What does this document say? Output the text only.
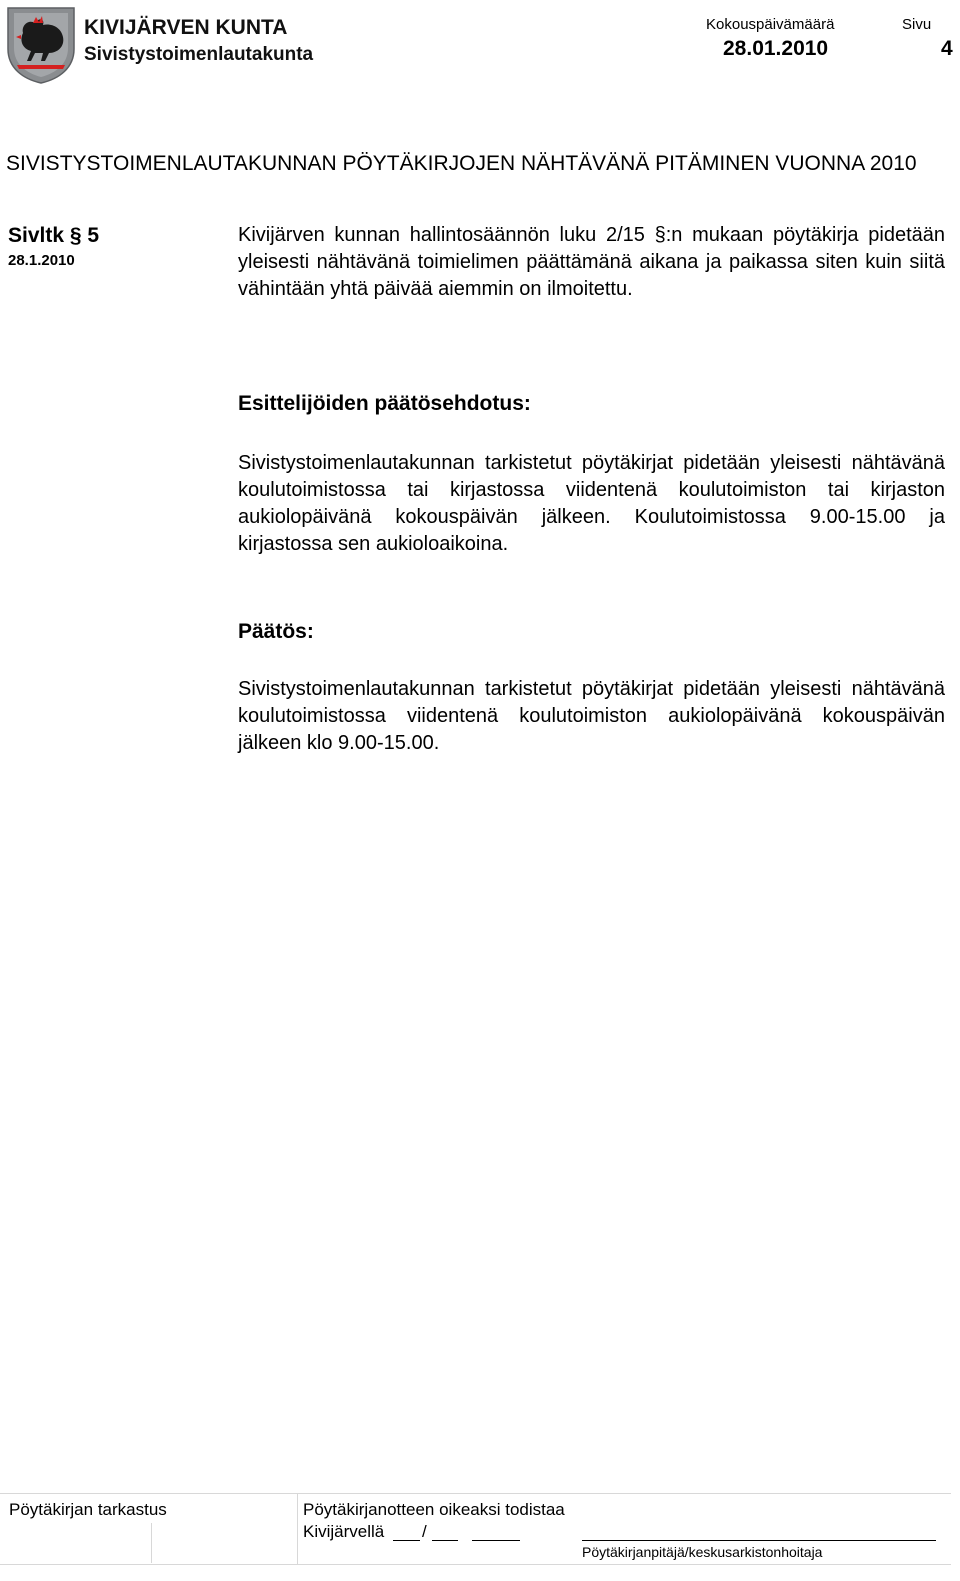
KIVIJÄRVEN KUNTA
Sivistystoimenlautakunta
Kokouspäivämäärä
28.01.2010
Sivu
4
SIVISTYSTOIMENLAUTAKUNNAN PÖYTÄKIRJOJEN NÄHTÄVÄNÄ PITÄMINEN VUONNA 2010
Sivltk § 5
28.1.2010

Kivijärven kunnan hallintosäännön luku 2/15 §:n mukaan pöytäkirja pidetään yleisesti nähtävänä toimielimen päättämänä aikana ja paikassa siten kuin siitä vähintään yhtä päivää aiemmin on ilmoitettu.

Esittelijöiden päätösehdotus:

Sivistystoimenlautakunnan tarkistetut pöytäkirjat pidetään yleisesti nähtävänä koulutoimistossa tai kirjastossa viidentenä koulutoimiston tai kirjaston aukiolopäivänä kokouspäivän jälkeen. Koulutoimistossa 9.00-15.00 ja kirjastossa sen aukioloaikoina.

Päätös:

Sivistystoimenlautakunnan tarkistetut pöytäkirjat pidetään yleisesti nähtävänä koulutoimistossa viidentenä koulutoimiston aukiolopäivänä kokouspäivän jälkeen klo 9.00-15.00.

Pöytäkirjan tarkastus	Pöytäkirjanotteen oikeaksi todistaa
Kivijärvellä /
Pöytäkirjanpitäjä/keskusarkistonhoitaja
